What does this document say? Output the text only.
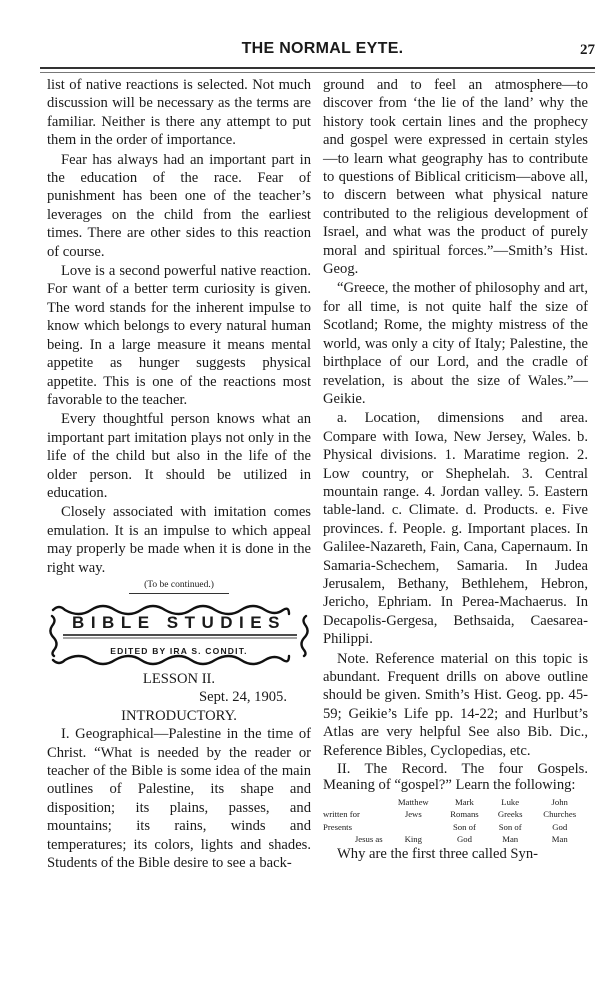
THE NORMAL EYTE.	27

list of native reactions is selected. Not much discussion will be necessary as the terms are familiar. Neither is there any attempt to put them in the order of importance.

Fear has always had an important part in the education of the race. Fear of punishment has been one of the teacher’s leverages on the child from the earliest times. There are other sides to this reaction of course.

Love is a second powerful native reaction. For want of a better term curiosity is given. The word stands for the inherent impulse to know which belongs to every natural human being. In a large measure it means mental appetite as hunger suggests physical appetite. This is one of the reactions most favorable to the teacher.

Every thoughtful person knows what an important part imitation plays not only in the life of the child but also in the life of the older person. It should be utilized in education.

Closely associated with imitation comes emulation. It is an impulse to which appeal may properly be made when it is done in the right way.

(To be continued.)
BIBLE STUDIES
EDITED BY IRA S. CONDIT.

LESSON II.

Sept. 24, 1905.

INTRODUCTORY.

I. Geographical—Palestine in the time of Christ. “What is needed by the reader or teacher of the Bible is some idea of the main outlines of Palestine, its shape and disposition; its plains, passes, and mountains; its rains, winds and temperatures; its colors, lights and shades. Students of the Bible desire to see a back-

ground and to feel an atmosphere—to discover from ‘the lie of the land’ why the history took certain lines and the prophecy and gospel were expressed in certain styles—to learn what geography has to contribute to questions of Biblical criticism—above all, to discern between what physical nature contributed to the religious development of Israel, and what was the product of purely moral and spiritual forces.”—Smith’s Hist. Geog.

“Greece, the mother of philosophy and art, for all time, is not quite half the size of Scotland; Rome, the mighty mistress of the world, was only a city of Italy; Palestine, the birthplace of our Lord, and the cradle of revelation, is about the size of Wales.”—Geikie.

a. Location, dimensions and area. Compare with Iowa, New Jersey, Wales. b. Physical divisions. 1. Maratime region. 2. Low country, or Shephelah. 3. Central mountain range. 4. Jordan valley. 5. Eastern table-land. c. Climate. d. Products. e. Five provinces. f. People. g. Important places. In Galilee-Nazareth, Fain, Cana, Capernaum. In Samaria-Schechem, Samaria. In Judea Jerusalem, Bethany, Bethlehem, Hebron, Jericho, Ephriam. In Perea-Machaerus. In Decapolis-Gergesa, Bethsaida, Caesarea-Philippi.

Note. Reference material on this topic is abundant. Frequent drills on above outline should be given. Smith’s Hist. Geog. pp. 45-59; Geikie’s Life pp. 14-22; and Hurlbut’s Atlas are very helpful See also Bib. Dic., Reference Bibles, Cyclopedias, etc.

II. The Record. The four Gospels. Meaning of “gospel?” Learn the following:

	Matthew	Mark	Luke	John
written for	Jews	Romans	Greeks	Churches
Presents		Son of	Son of	God
Jesus as	King	God	Man	Man

Why are the first three called Syn-
